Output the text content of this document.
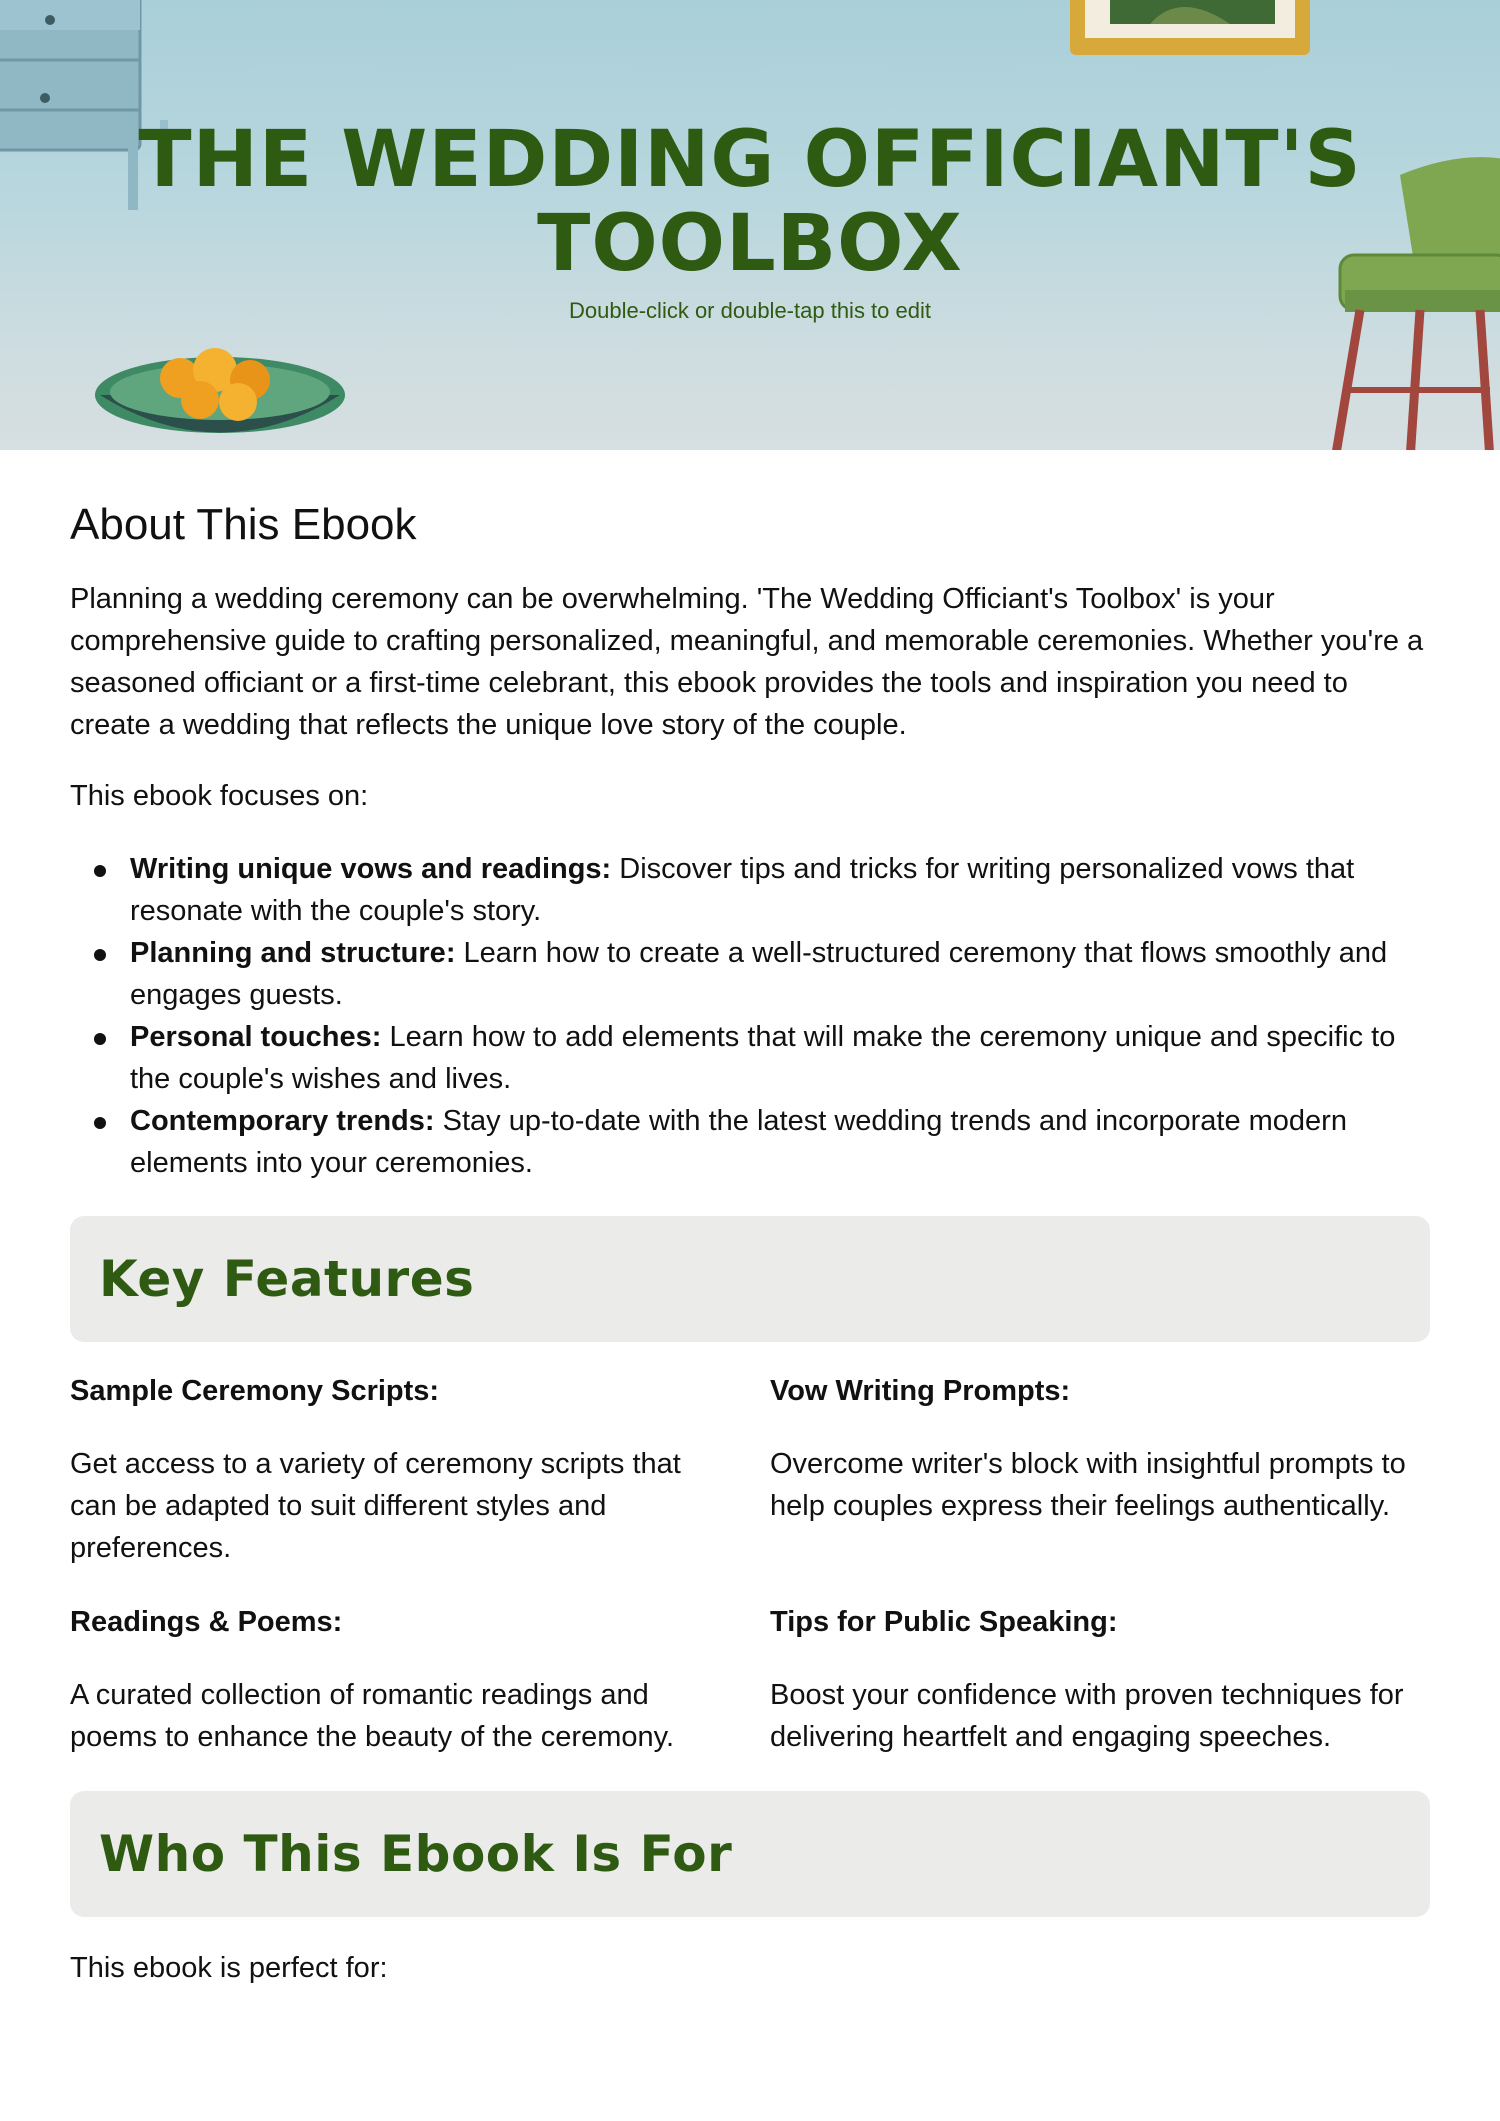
THE WEDDING OFFICIANT'S TOOLBOX
Double-click or double-tap this to edit
About This Ebook

Planning a wedding ceremony can be overwhelming. 'The Wedding Officiant's Toolbox' is your comprehensive guide to crafting personalized, meaningful, and memorable ceremonies. Whether you're a seasoned officiant or a first-time celebrant, this ebook provides the tools and inspiration you need to create a wedding that reflects the unique love story of the couple.

This ebook focuses on:

Writing unique vows and readings: Discover tips and tricks for writing personalized vows that resonate with the couple's story.
Planning and structure: Learn how to create a well-structured ceremony that flows smoothly and engages guests.
Personal touches: Learn how to add elements that will make the ceremony unique and specific to the couple's wishes and lives.
Contemporary trends: Stay up-to-date with the latest wedding trends and incorporate modern elements into your ceremonies.
Key Features

Sample Ceremony Scripts:

Get access to a variety of ceremony scripts that can be adapted to suit different styles and preferences.

Vow Writing Prompts:

Overcome writer's block with insightful prompts to help couples express their feelings authentically.

Readings & Poems:

A curated collection of romantic readings and poems to enhance the beauty of the ceremony.

Tips for Public Speaking:

Boost your confidence with proven techniques for delivering heartfelt and engaging speeches.

Who This Ebook Is For

This ebook is perfect for:
